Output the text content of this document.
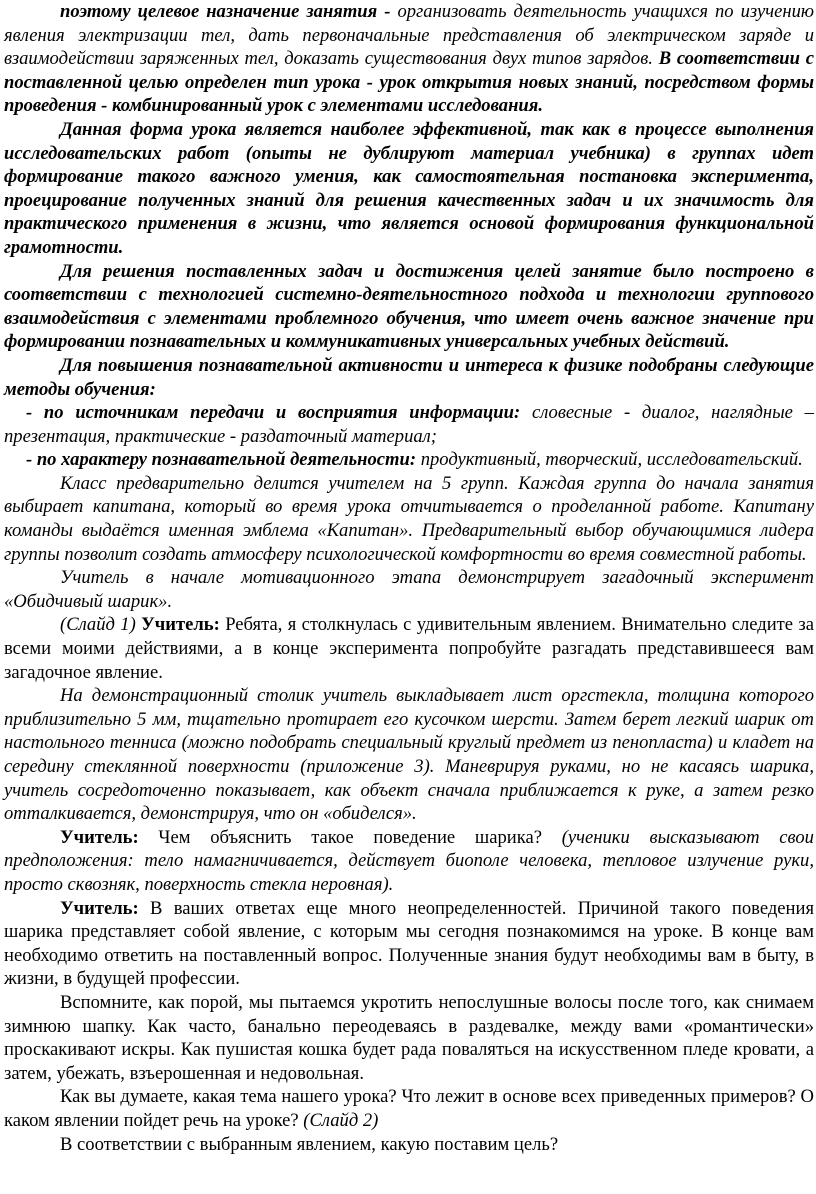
поэтому целевое назначение занятия - организовать деятельность учащихся по изучению явления электризации тел, дать первоначальные представления об электрическом заряде и взаимодействии заряженных тел, доказать существования двух типов зарядов. В соответствии с поставленной целью определен тип урока - урок открытия новых знаний, посредством формы проведения - комбинированный урок с элементами исследования.

Данная форма урока является наиболее эффективной, так как в процессе выполнения исследовательских работ (опыты не дублируют материал учебника) в группах идет формирование такого важного умения, как самостоятельная постановка эксперимента, проецирование полученных знаний для решения качественных задач и их значимость для практического применения в жизни, что является основой формирования функциональной грамотности.

Для решения поставленных задач и достижения целей занятие было построено в соответствии с технологией системно-деятельностного подхода и технологии группового взаимодействия с элементами проблемного обучения, что имеет очень важное значение при формировании познавательных и коммуникативных универсальных учебных действий.

Для повышения познавательной активности и интереса к физике подобраны следующие методы обучения:

- по источникам передачи и восприятия информации: словесные - диалог, наглядные – презентация, практические - раздаточный материал;

- по характеру познавательной деятельности: продуктивный, творческий, исследовательский.

Класс предварительно делится учителем на 5 групп. Каждая группа до начала занятия выбирает капитана, который во время урока отчитывается о проделанной работе. Капитану команды выдаётся именная эмблема «Капитан». Предварительный выбор обучающимися лидера группы позволит создать атмосферу психологической комфортности во время совместной работы.

Учитель в начале мотивационного этапа демонстрирует загадочный эксперимент «Обидчивый шарик».

(Слайд 1) Учитель: Ребята, я столкнулась с удивительным явлением. Внимательно следите за всеми моими действиями, а в конце эксперимента попробуйте разгадать представившееся вам загадочное явление.

На демонстрационный столик учитель выкладывает лист оргстекла, толщина которого приблизительно 5 мм, тщательно протирает его кусочком шерсти. Затем берет легкий шарик от настольного тенниса (можно подобрать специальный круглый предмет из пенопласта) и кладет на середину стеклянной поверхности (приложение 3). Маневрируя руками, но не касаясь шарика, учитель сосредоточенно показывает, как объект сначала приближается к руке, а затем резко отталкивается, демонстрируя, что он «обиделся».

Учитель: Чем объяснить такое поведение шарика? (ученики высказывают свои предположения: тело намагничивается, действует биополе человека, тепловое излучение руки, просто сквозняк, поверхность стекла неровная).

Учитель: В ваших ответах еще много неопределенностей. Причиной такого поведения шарика представляет собой явление, с которым мы сегодня познакомимся на уроке. В конце вам необходимо ответить на поставленный вопрос. Полученные знания будут необходимы вам в быту, в жизни, в будущей профессии.

Вспомните, как порой, мы пытаемся укротить непослушные волосы после того, как снимаем зимнюю шапку. Как часто, банально переодеваясь в раздевалке, между вами «романтически» проскакивают искры. Как пушистая кошка будет рада поваляться на искусственном пледе кровати, а затем, убежать, взъерошенная и недовольная.

Как вы думаете, какая тема нашего урока? Что лежит в основе всех приведенных примеров? О каком явлении пойдет речь на уроке? (Слайд 2)

В соответствии с выбранным явлением, какую поставим цель?
